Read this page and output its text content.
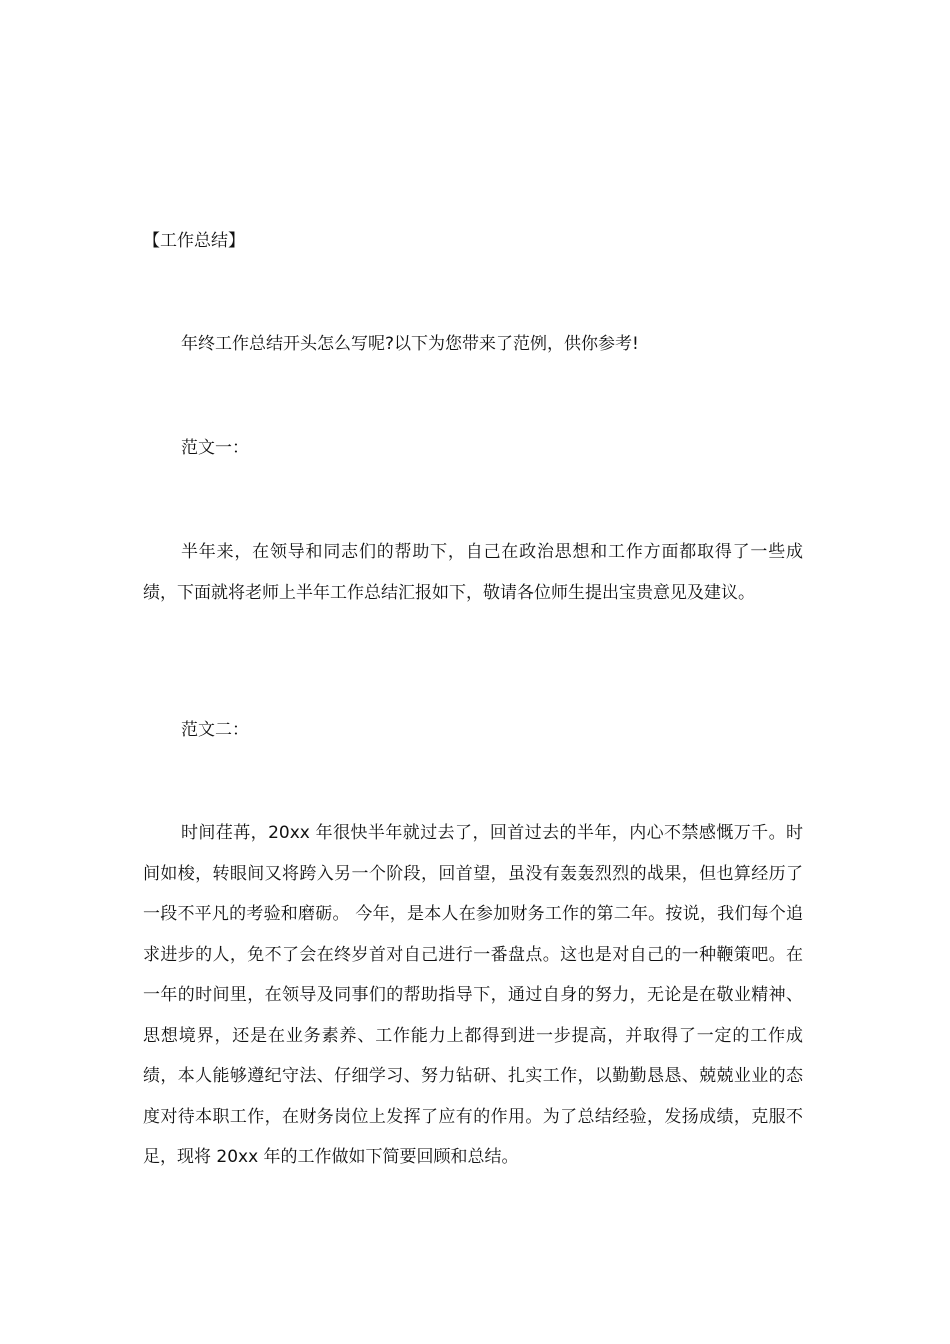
【工作总结】

年终工作总结开头怎么写呢?以下为您带来了范例，供你参考!

范文一：

半年来，在领导和同志们的帮助下，自己在政治思想和工作方面都取得了一些成绩，下面就将老师上半年工作总结汇报如下，敬请各位师生提出宝贵意见及建议。

范文二：

时间荏苒，20xx 年很快半年就过去了，回首过去的半年，内心不禁感慨万千。时间如梭，转眼间又将跨入另一个阶段，回首望，虽没有轰轰烈烈的战果，但也算经历了一段不平凡的考验和磨砺。 今年，是本人在参加财务工作的第二年。按说，我们每个追求进步的人，免不了会在终岁首对自己进行一番盘点。这也是对自己的一种鞭策吧。在一年的时间里，在领导及同事们的帮助指导下，通过自身的努力，无论是在敬业精神、思想境界，还是在业务素养、工作能力上都得到进一步提高，并取得了一定的工作成绩，本人能够遵纪守法、仔细学习、努力钻研、扎实工作，以勤勤恳恳、兢兢业业的态度对待本职工作，在财务岗位上发挥了应有的作用。为了总结经验，发扬成绩，克服不足，现将 20xx 年的工作做如下简要回顾和总结。
